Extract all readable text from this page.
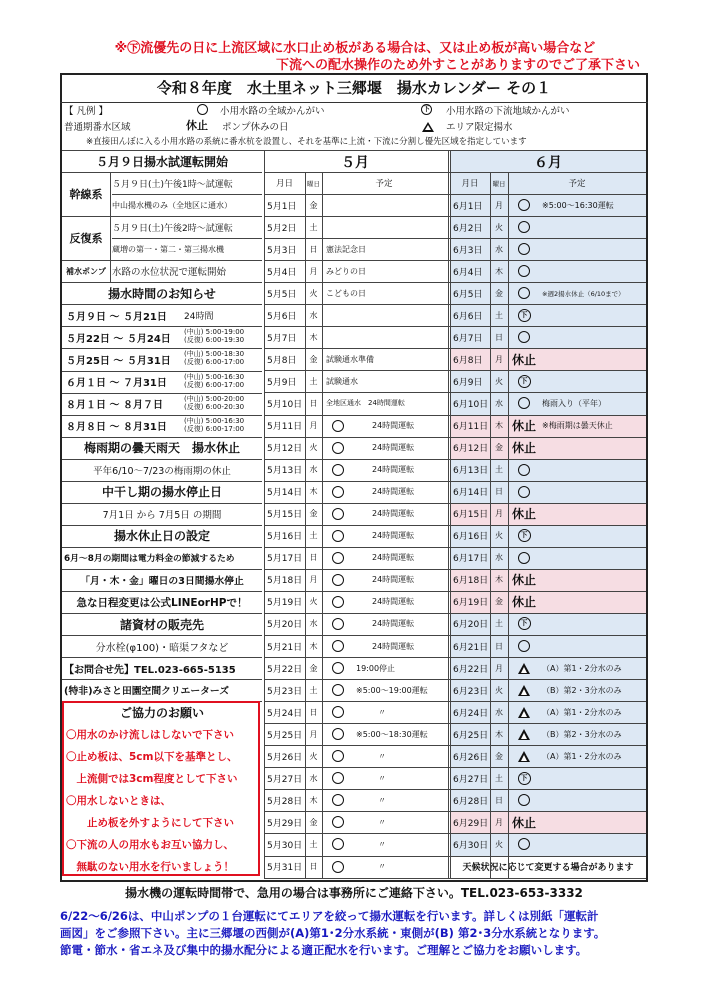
※㊦流優先の日に上流区域に水口止め板がある場合は、又は止め板が高い場合など
下流への配水操作のため外すことがありますのでご了承下さい
令和８年度　水土里ネット三郷堰　揚水カレンダー その１
【 凡例 】	小用水路の全域かんがい	下 小用水路の下流地域かんがい
普通期番水区域	休止 ポンプ休みの日	エリア限定揚水
※直接田んぼに入る小用水路の系統に番水杭を設置し、それを基準に上流・下流に分割し優先区域を指定しています
５月	６月
月日	曜日	予定	月日	曜日	予定
5月1日	金
5月2日	土
5月3日	日	憲法記念日
5月4日	月	みどりの日
5月5日	火	こどもの日
5月6日	水
5月7日	木
5月8日	金	試験通水準備
5月9日	土	試験通水
5月10日 日	全地区通水　24時間運転
5月11日 月	24時間運転
5月12日 火	24時間運転
5月13日 水	24時間運転
5月14日 木	24時間運転
5月15日 金	24時間運転
5月16日 土	24時間運転
5月17日 日	24時間運転
5月18日 月	24時間運転
5月19日 火	24時間運転
5月20日 水	24時間運転
5月21日 木	24時間運転
5月22日 金	19:00停止
5月23日 土	※5:00～19:00運転
5月24日 日	〃
5月25日 月	※5:00～18:30運転
5月26日 火	〃
5月27日 水	〃
5月28日 木	〃
5月29日 金	〃
5月30日 土	〃
5月31日 日	〃
6月1日	月	※5:00～16:30運転
6月2日	火
6月3日	水
6月4日	木
6月5日	金	※週2揚水休止（6/10まで）
6月6日	土	下
6月7日	日
6月8日	月 休止
6月9日	火	下
6月10日 水	梅雨入り（平年）
6月11日 木 休止 ※梅雨期は曇天休止
6月12日 金 休止
6月13日 土
6月14日 日
6月15日 月 休止
6月16日 火	下
6月17日 水
6月18日 木 休止
6月19日 金 休止
6月20日 土	下
6月21日 日
6月22日 月	（A）第1・2分水のみ
6月23日 火	（B）第2・3分水のみ
6月24日 水	（A）第1・2分水のみ
6月25日 木	（B）第2・3分水のみ
6月26日 金	（A）第1・2分水のみ
6月27日 土	下
6月28日 日
6月29日 月 休止
6月30日 火
天候状況に応じて変更する場合があります
５月９日揚水試運転開始
幹線系
５月９日(土)午後1時～試運転
中山揚水機のみ（全地区に通水）
反復系
５月９日(土)午後2時～試運転
蔵増の第一・第二・第三揚水機
補水ポンプ 水路の水位状況で運転開始
揚水時間のお知らせ
５月９日 ～ ５月21日	24時間
５月22日 ～ ５月24日
(中山) 5:00-19:00
(反復) 6:00-19:30
５月25日 ～ ５月31日
(中山) 5:00-18:30
(反復) 6:00-17:00
６月１日 ～ ７月31日
(中山) 5:00-16:30
(反復) 6:00-17:00
８月１日 ～ ８月７日
(中山) 5:00-20:00
(反復) 6:00-20:30
８月８日 ～ ８月31日
(中山) 5:00-16:30
(反復) 6:00-17:00
梅雨期の曇天雨天　揚水休止
平年6/10～7/23の梅雨期の休止
中干し期の揚水停止日
7月1日 から 7月5日 の期間
揚水休止日の設定
6月～8月の期間は電力料金の節減するため
「月・木・金」曜日の3日間揚水停止
急な日程変更は公式LINEorHPで！
諸資材の販売先
分水栓(φ100)・暗渠フタなど
【お問合せ先】TEL.023-665-5135
(特非)みさと田園空間クリエーターズ
ご協力のお願い
〇用水のかけ流しはしないで下さい
〇止め板は、5cm以下を基準とし、
　上流側では3cm程度として下さい
〇用水しないときは、
　　止め板を外すようにして下さい
〇下流の人の用水もお互い協力し、
　無駄のない用水を行いましょう！
揚水機の運転時間帯で、急用の場合は事務所にご連絡下さい。TEL.023-653-3332
6/22～6/26は、中山ポンプの１台運転にてエリアを絞って揚水運転を行います。詳しくは別紙「運転計
画図」をご参照下さい。主に三郷堰の西側が(A)第1･2分水系統・東側が(B) 第2･3分水系統となります。
節電・節水・省エネ及び集中的揚水配分による適正配水を行います。ご理解とご協力をお願いします。
